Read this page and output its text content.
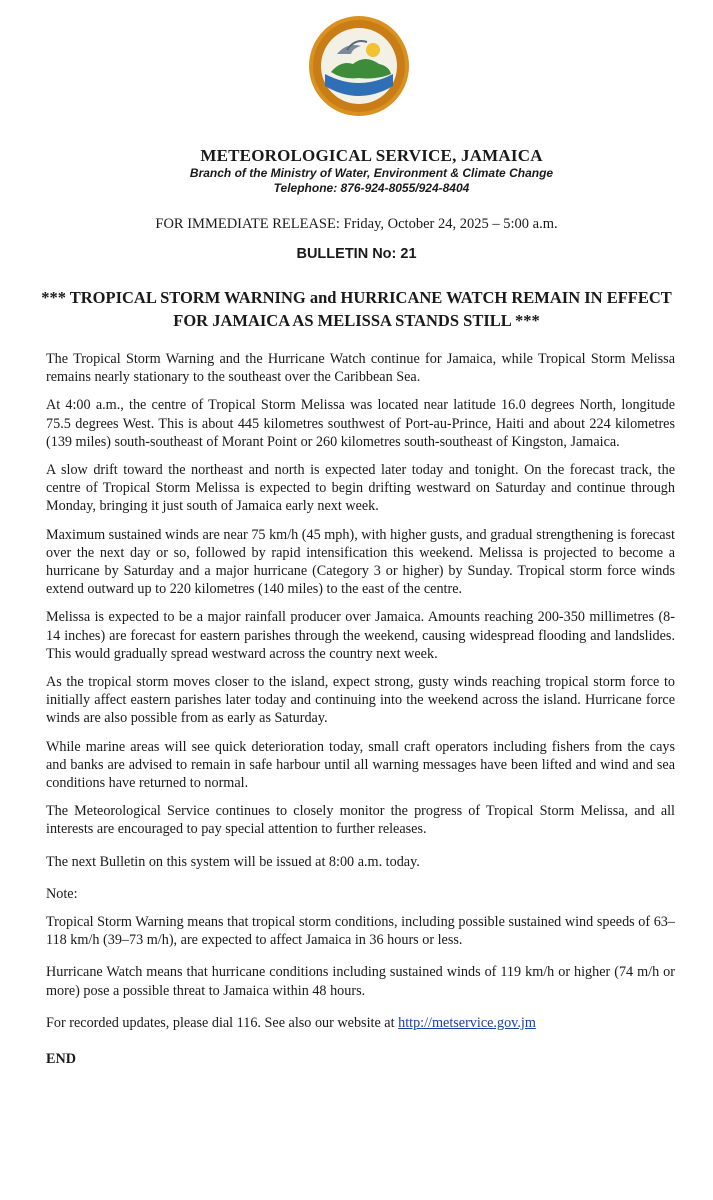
METEOROLOGICAL SERVICE, JAMAICA
Branch of the Ministry of Water, Environment & Climate Change
Telephone: 876-924-8055/924-8404
FOR IMMEDIATE RELEASE: Friday, October 24, 2025 – 5:00 a.m.
BULLETIN No: 21
*** TROPICAL STORM WARNING and HURRICANE WATCH REMAIN IN EFFECT FOR JAMAICA AS MELISSA STANDS STILL ***

The Tropical Storm Warning and the Hurricane Watch continue for Jamaica, while Tropical Storm Melissa remains nearly stationary to the southeast over the Caribbean Sea.

At 4:00 a.m., the centre of Tropical Storm Melissa was located near latitude 16.0 degrees North, longitude 75.5 degrees West. This is about 445 kilometres southwest of Port-au-Prince, Haiti and about 224 kilometres (139 miles) south-southeast of Morant Point or 260 kilometres south-southeast of Kingston, Jamaica.

A slow drift toward the northeast and north is expected later today and tonight. On the forecast track, the centre of Tropical Storm Melissa is expected to begin drifting westward on Saturday and continue through Monday, bringing it just south of Jamaica early next week.

Maximum sustained winds are near 75 km/h (45 mph), with higher gusts, and gradual strengthening is forecast over the next day or so, followed by rapid intensification this weekend. Melissa is projected to become a hurricane by Saturday and a major hurricane (Category 3 or higher) by Sunday. Tropical storm force winds extend outward up to 220 kilometres (140 miles) to the east of the centre.

Melissa is expected to be a major rainfall producer over Jamaica. Amounts reaching 200-350 millimetres (8-14 inches) are forecast for eastern parishes through the weekend, causing widespread flooding and landslides. This would gradually spread westward across the country next week.

As the tropical storm moves closer to the island, expect strong, gusty winds reaching tropical storm force to initially affect eastern parishes later today and continuing into the weekend across the island. Hurricane force winds are also possible from as early as Saturday.

While marine areas will see quick deterioration today, small craft operators including fishers from the cays and banks are advised to remain in safe harbour until all warning messages have been lifted and wind and sea conditions have returned to normal.

The Meteorological Service continues to closely monitor the progress of Tropical Storm Melissa, and all interests are encouraged to pay special attention to further releases.

The next Bulletin on this system will be issued at 8:00 a.m. today.

Note:

Tropical Storm Warning means that tropical storm conditions, including possible sustained wind speeds of 63–118 km/h (39–73 m/h), are expected to affect Jamaica in 36 hours or less.

Hurricane Watch means that hurricane conditions including sustained winds of 119 km/h or higher (74 m/h or more) pose a possible threat to Jamaica within 48 hours.

For recorded updates, please dial 116. See also our website at http://metservice.gov.jm

END
